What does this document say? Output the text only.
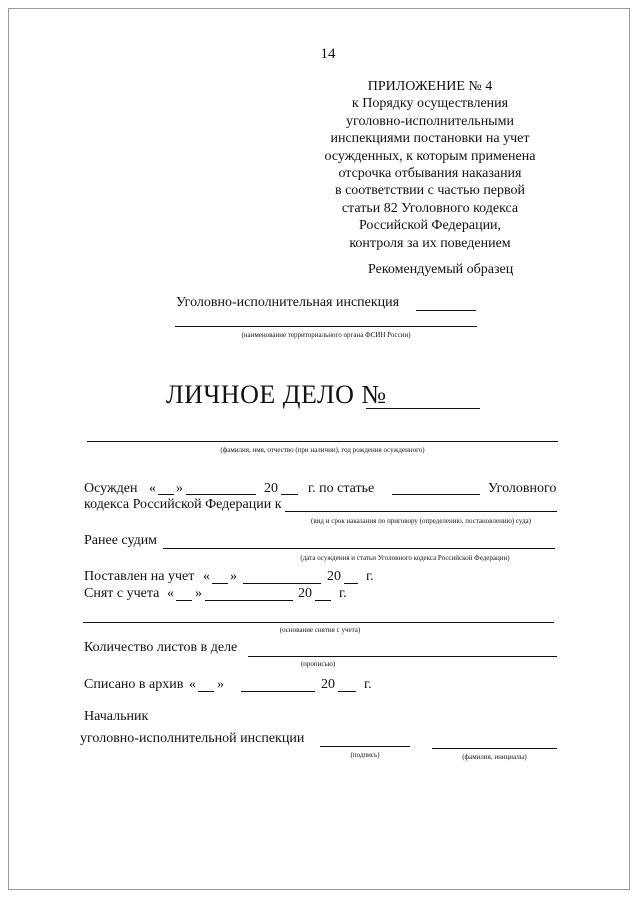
14
ПРИЛОЖЕНИЕ № 4
к Порядку осуществления
уголовно-исполнительными
инспекциями постановки на учет
осужденных, к которым применена
отсрочка отбывания наказания
в соответствии с частью первой
статьи 82 Уголовного кодекса
Российской Федерации,
контроля за их поведением
Рекомендуемый образец
Уголовно-исполнительная инспекция
(наименование территориального органа ФСИН России)
ЛИЧНОЕ ДЕЛО №
(фамилия, имя, отчество (при наличии), год рождения осужденного)
Осужден « »	20 г. по статье	Уголовного
кодекса Российской Федерации к
(вид и срок наказания по приговору (определению, постановлению) суда)
Ранее судим
(дата осуждения и статьи Уголовного кодекса Российской Федерации)
Поставлен на учет « »	20 г.
Снят с учета « »	20 г.
(основание снятия с учета)
Количество листов в деле
(прописью)
Списано в архив « »	20 г.
Начальник
уголовно-исполнительной инспекции
(подпись)	(фамилия, инициалы)
